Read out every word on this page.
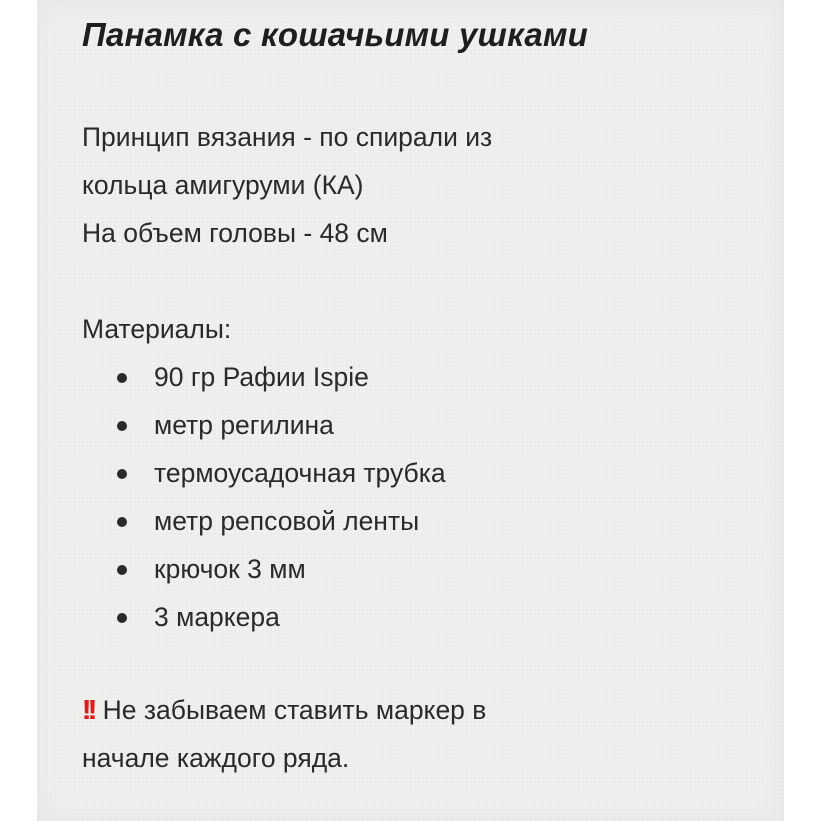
Панамка с кошачьими ушками

Принцип вязания - по спирали из

кольца амигуруми (КА)

На объем головы - 48 см

Материалы:

90 гр Рафии Ispie
метр регилина
термоусадочная трубка
метр репсовой ленты
крючок 3 мм
3 маркера

!! Не забываем ставить маркер в

начале каждого ряда.
